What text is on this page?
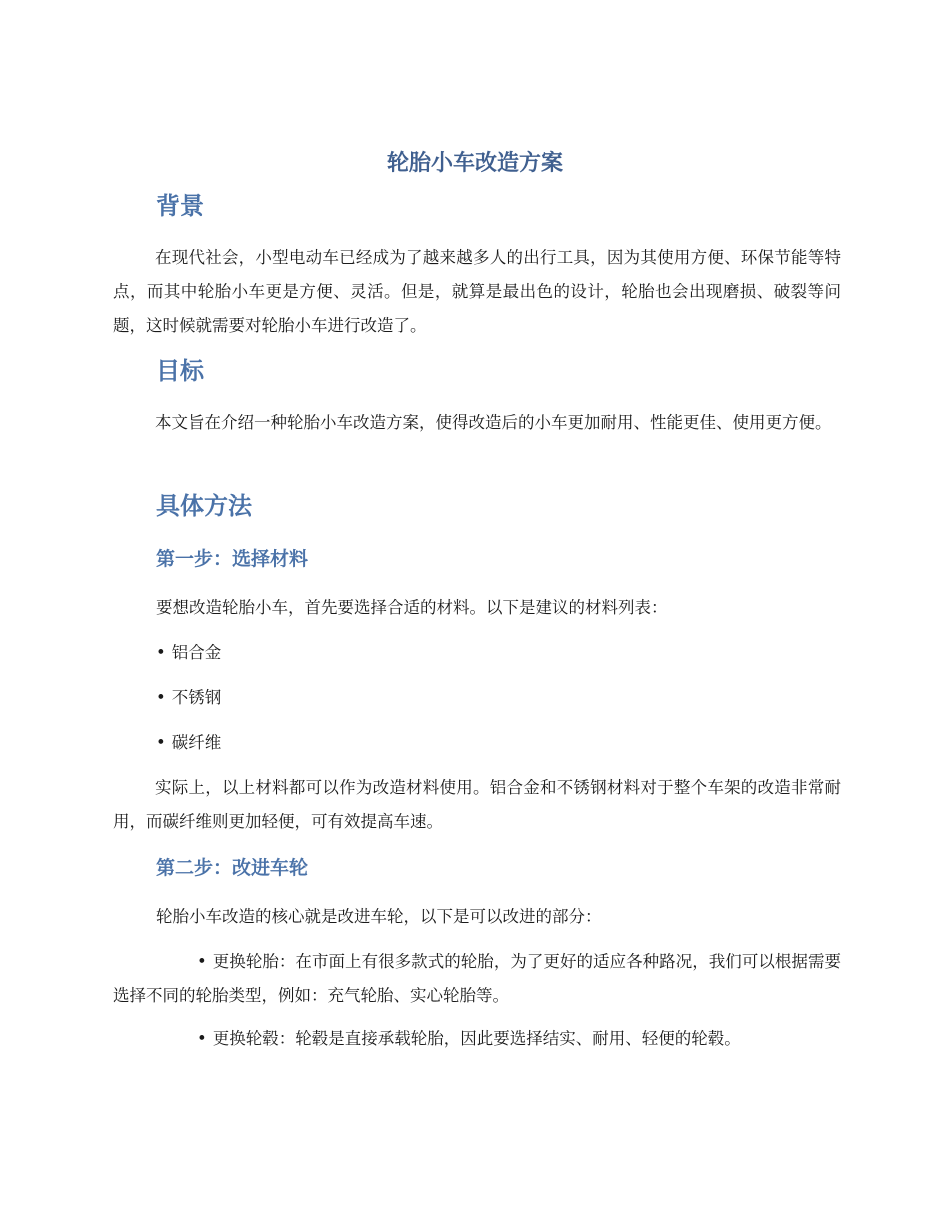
轮胎小车改造方案
背景

在现代社会，小型电动车已经成为了越来越多人的出行工具，因为其使用方便、环保节能等特点，而其中轮胎小车更是方便、灵活。但是，就算是最出色的设计，轮胎也会出现磨损、破裂等问题，这时候就需要对轮胎小车进行改造了。

目标

本文旨在介绍一种轮胎小车改造方案，使得改造后的小车更加耐用、性能更佳、使用更方便。

具体方法
第一步：选择材料

要想改造轮胎小车，首先要选择合适的材料。以下是建议的材料列表：

• 铝合金

• 不锈钢

• 碳纤维

实际上，以上材料都可以作为改造材料使用。铝合金和不锈钢材料对于整个车架的改造非常耐用，而碳纤维则更加轻便，可有效提高车速。

第二步：改进车轮

轮胎小车改造的核心就是改进车轮，以下是可以改进的部分：

• 更换轮胎：在市面上有很多款式的轮胎，为了更好的适应各种路况，我们可以根据需要选择不同的轮胎类型，例如：充气轮胎、实心轮胎等。

• 更换轮毂：轮毂是直接承载轮胎，因此要选择结实、耐用、轻便的轮毂。
